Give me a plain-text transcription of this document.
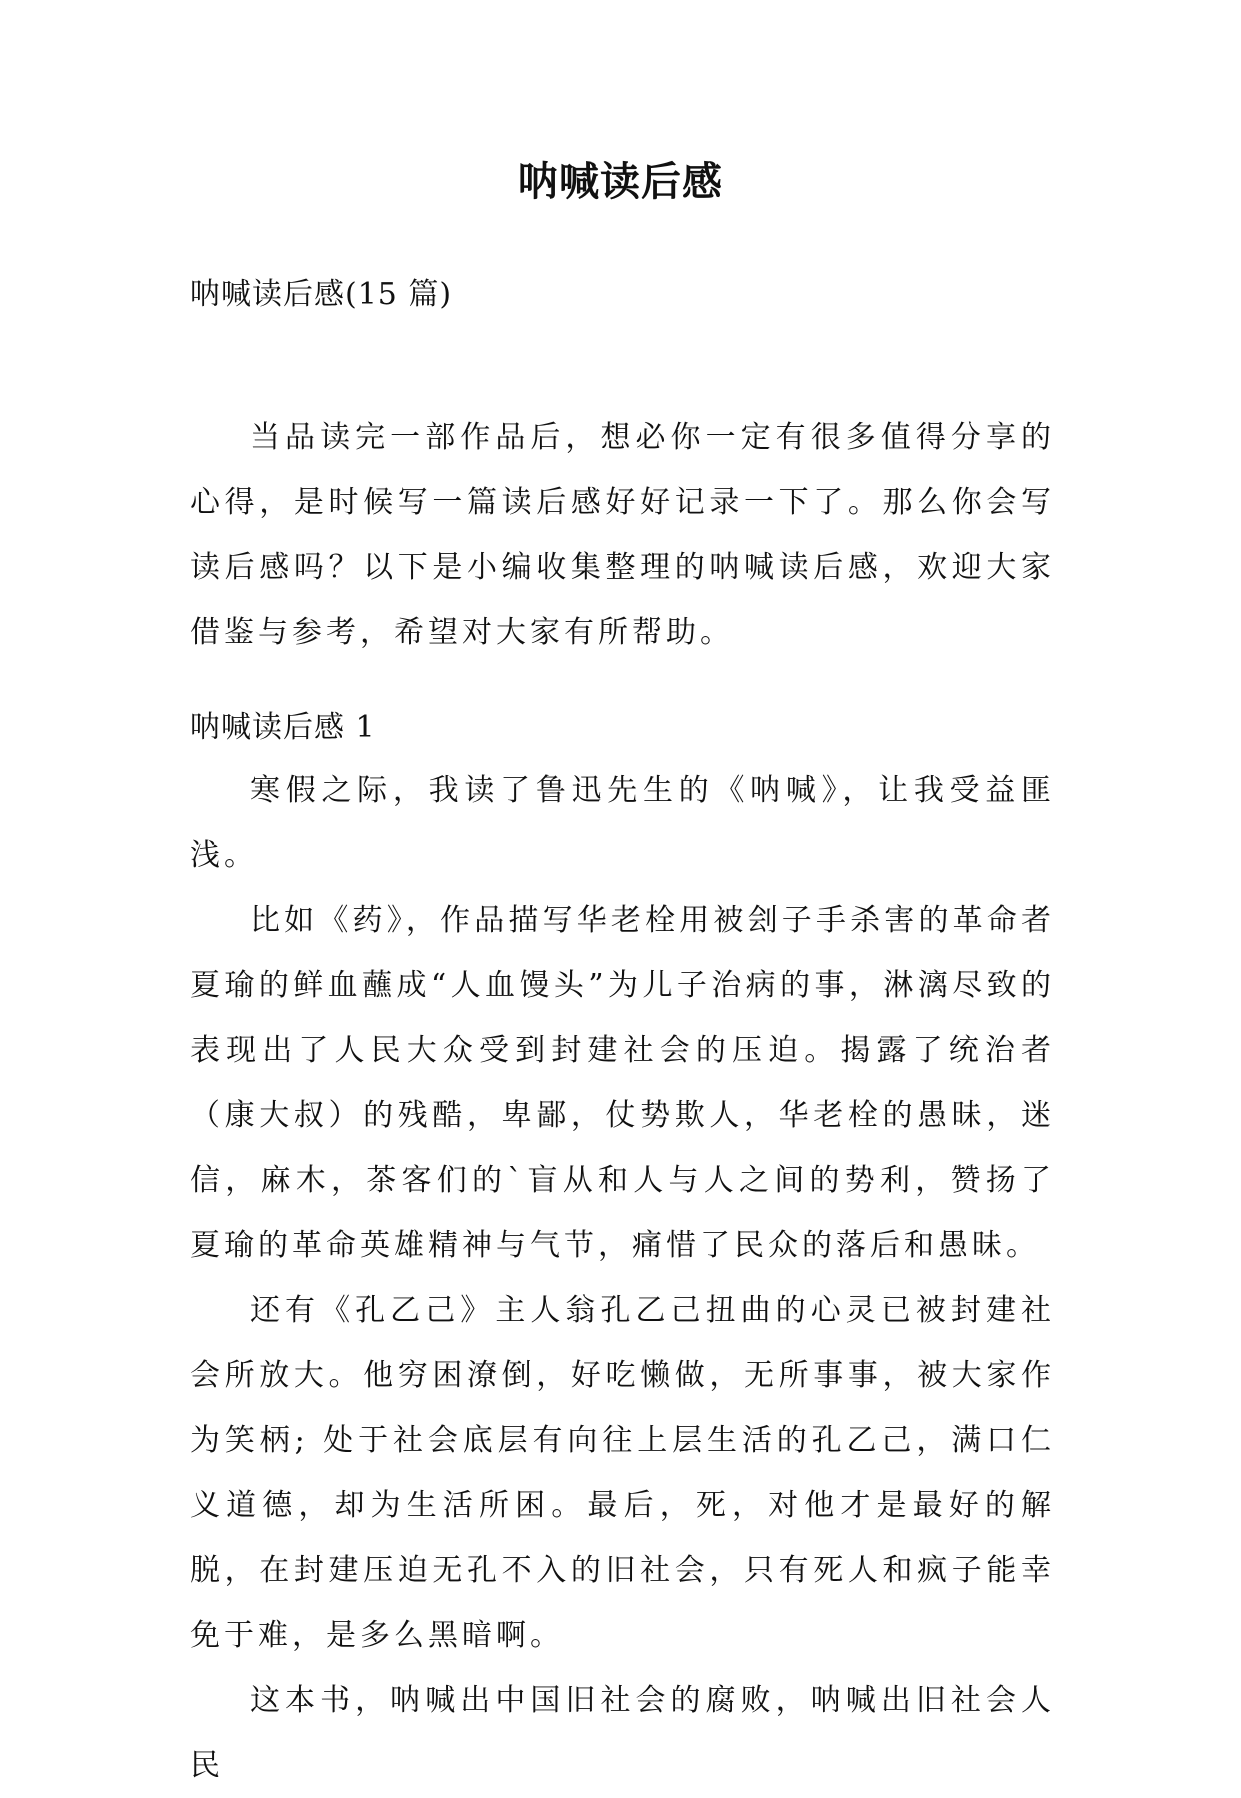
呐喊读后感
呐喊读后感(15 篇)

当品读完一部作品后，想必你一定有很多值得分享的心得，是时候写一篇读后感好好记录一下了。那么你会写读后感吗？以下是小编收集整理的呐喊读后感，欢迎大家借鉴与参考，希望对大家有所帮助。

呐喊读后感 1

寒假之际，我读了鲁迅先生的《呐喊》，让我受益匪浅。

比如《药》，作品描写华老栓用被刽子手杀害的革命者夏瑜的鲜血蘸成“人血馒头”为儿子治病的事，淋漓尽致的表现出了人民大众受到封建社会的压迫。揭露了统治者（康大叔）的残酷，卑鄙，仗势欺人，华老栓的愚昧，迷信，麻木，茶客们的`盲从和人与人之间的势利，赞扬了夏瑜的革命英雄精神与气节，痛惜了民众的落后和愚昧。

还有《孔乙己》主人翁孔乙己扭曲的心灵已被封建社会所放大。他穷困潦倒，好吃懒做，无所事事，被大家作为笑柄; 处于社会底层有向往上层生活的孔乙己，满口仁义道德，却为生活所困。最后，死，对他才是最好的解脱，在封建压迫无孔不入的旧社会，只有死人和疯子能幸免于难，是多么黑暗啊。

这本书，呐喊出中国旧社会的腐败，呐喊出旧社会人民
